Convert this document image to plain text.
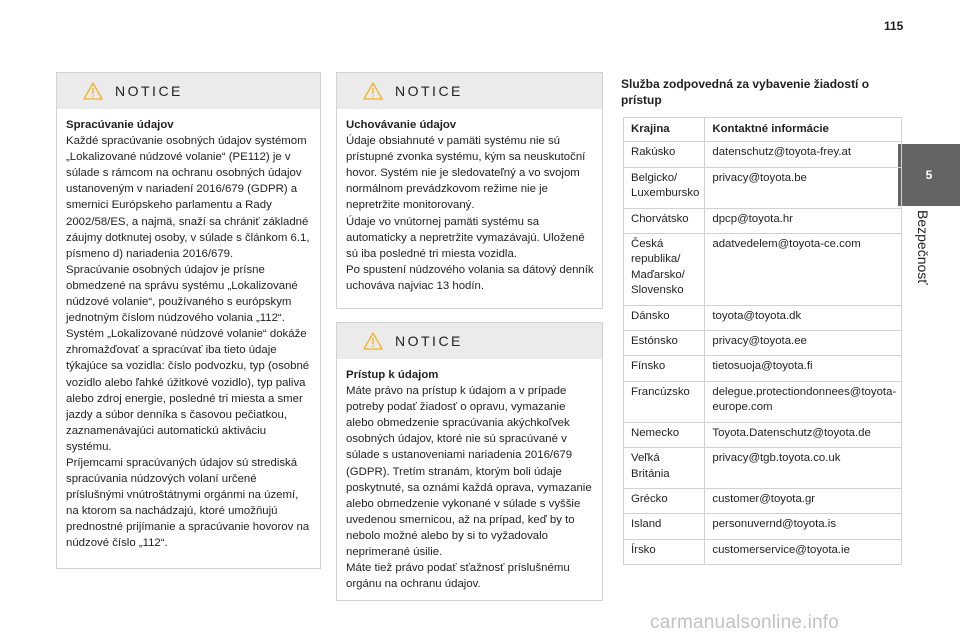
115
5
Bezpečnosť
NOTICE
Spracúvanie údajov

Každé spracúvanie osobných údajov systémom „Lokalizované núdzové volanie“ (PE112) je v súlade s rámcom na ochranu osobných údajov ustanoveným v nariadení 2016/679 (GDPR) a smernici Európskeho parlamentu a Rady 2002/58/ES, a najmä, snaží sa chrániť základné záujmy dotknutej osoby, v súlade s článkom 6.1, písmeno d) nariadenia 2016/679.

Spracúvanie osobných údajov je prísne obmedzené na správu systému „Lokalizované núdzové volanie“, používaného s európskym jednotným číslom núdzového volania „112“.

Systém „Lokalizované núdzové volanie“ dokáže zhromažďovať a spracúvať iba tieto údaje týkajúce sa vozidla: číslo podvozku, typ (osobné vozidlo alebo ľahké úžitkové vozidlo), typ paliva alebo zdroj energie, posledné tri miesta a smer jazdy a súbor denníka s časovou pečiatkou, zaznamenávajúci automatickú aktiváciu systému.

Príjemcami spracúvaných údajov sú strediská spracúvania núdzových volaní určené príslušnými vnútroštátnymi orgánmi na území, na ktorom sa nachádzajú, ktoré umožňujú prednostné prijímanie a spracúvanie hovorov na núdzové číslo „112“.

NOTICE
Uchovávanie údajov

Údaje obsiahnuté v pamäti systému nie sú prístupné zvonka systému, kým sa neuskutoční hovor. Systém nie je sledovateľný a vo svojom normálnom prevádzkovom režime nie je nepretržite monitorovaný.

Údaje vo vnútornej pamäti systému sa automaticky a nepretržite vymazávajú. Uložené sú iba posledné tri miesta vozidla.

Po spustení núdzového volania sa dátový denník uchováva najviac 13 hodín.

NOTICE
Prístup k údajom

Máte právo na prístup k údajom a v prípade potreby podať žiadosť o opravu, vymazanie alebo obmedzenie spracúvania akýchkoľvek osobných údajov, ktoré nie sú spracúvané v súlade s ustanoveniami nariadenia 2016/679 (GDPR). Tretím stranám, ktorým boli údaje poskytnuté, sa oznámi každá oprava, vymazanie alebo obmedzenie vykonané v súlade s vyššie uvedenou smernicou, až na prípad, keď by to nebolo možné alebo by si to vyžadovalo neprimerané úsilie.

Máte tiež právo podať sťažnosť príslušnému orgánu na ochranu údajov.

Služba zodpovedná za vybavenie žiadostí o prístup
Krajina	Kontaktné informácie
Rakúsko	datenschutz@toyota-frey.at
Belgicko/ Luxembursko	privacy@toyota.be
Chorvátsko	dpcp@toyota.hr
Česká republika/ Maďarsko/ Slovensko	adatvedelem@toyota-ce.com
Dánsko	toyota@toyota.dk
Estónsko	privacy@toyota.ee
Fínsko	tietosuoja@toyota.fi
Francúzsko	delegue.protectiondonnees@toyota-europe.com
Nemecko	Toyota.Datenschutz@toyota.de
Veľká Británia	privacy@tgb.toyota.co.uk
Grécko	customer@toyota.gr
Island	personuvernd@toyota.is
Írsko	customerservice@toyota.ie
carmanualsonline.info
